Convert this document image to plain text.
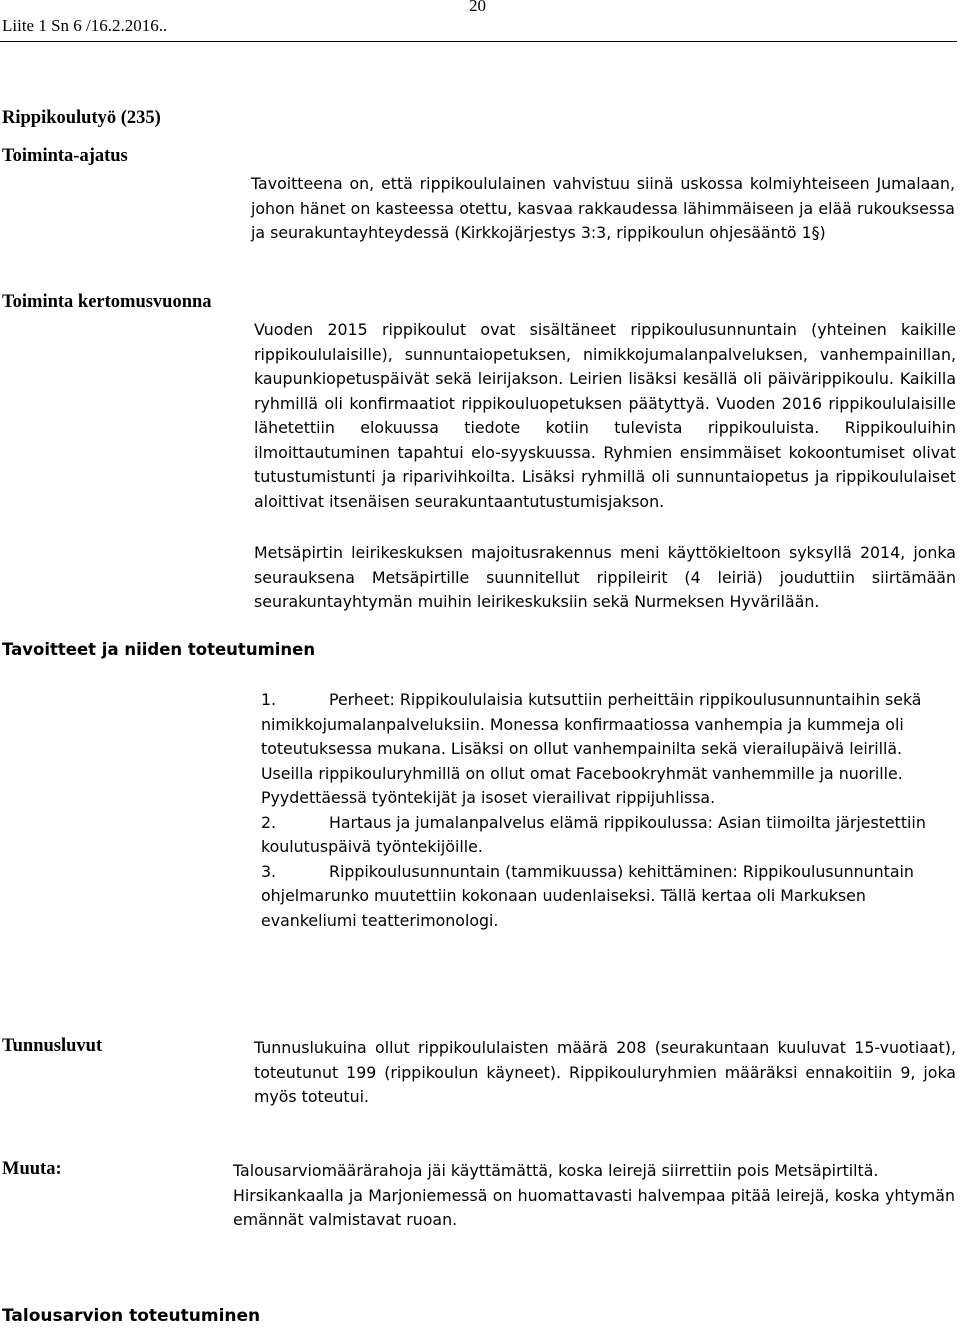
Liite 1 Sn 6 /16.2.2016..
20
Rippikoulutyö (235)
Toiminta-ajatus

Tavoitteena on, että rippikoululainen vahvistuu siinä uskossa kolmiyhteiseen Jumalaan, johon hänet on kasteessa otettu, kasvaa rakkaudessa lähimmäiseen ja elää rukouksessa ja seurakuntayhteydessä (Kirkkojärjestys 3:3, rippikoulun ohjesääntö 1§)

Toiminta kertomusvuonna

Vuoden 2015 rippikoulut ovat sisältäneet rippikoulusunnuntain (yhteinen kaikille rippikoululaisille), sunnuntaiopetuksen, nimikkojumalanpalveluksen, vanhempainillan, kaupunkiopetuspäivät sekä leirijakson. Leirien lisäksi kesällä oli päivärippikoulu. Kaikilla ryhmillä oli konfirmaatiot rippikouluopetuksen päätyttyä. Vuoden 2016 rippikoululaisille lähetettiin elokuussa tiedote kotiin tulevista rippikouluista. Rippikouluihin ilmoittautuminen tapahtui elo-syyskuussa. Ryhmien ensimmäiset kokoontumiset olivat tutustumistunti ja riparivihkoilta. Lisäksi ryhmillä oli sunnuntaiopetus ja rippikoululaiset aloittivat itsenäisen seurakuntaantutustumisjakson.

Metsäpirtin leirikeskuksen majoitusrakennus meni käyttökieltoon syksyllä 2014, jonka seurauksena Metsäpirtille suunnitellut rippileirit (4 leiriä) jouduttiin siirtämään seurakuntayhtymän muihin leirikeskuksiin sekä Nurmeksen Hyvärilään.

Tavoitteet ja niiden toteutuminen

1.	Perheet: Rippikoululaisia kutsuttiin perheittäin rippikoulusunnuntaihin sekä nimikkojumalanpalveluksiin. Monessa konfirmaatiossa vanhempia ja kummeja oli toteutuksessa mukana. Lisäksi on ollut vanhempainilta sekä vierailupäivä leirillä. Useilla rippikouluryhmillä on ollut omat Facebookryhmät vanhemmille ja nuorille. Pyydettäessä työntekijät ja isoset vierailivat rippijuhlissa.

2.	Hartaus ja jumalanpalvelus elämä rippikoulussa: Asian tiimoilta järjestettiin koulutuspäivä työntekijöille.

3.	Rippikoulusunnuntain (tammikuussa) kehittäminen: Rippikoulusunnuntain ohjelmarunko muutettiin kokonaan uudenlaiseksi. Tällä kertaa oli Markuksen evankeliumi teatterimonologi.

Tunnusluvut	Tunnuslukuina ollut rippikoululaisten määrä 208 (seurakuntaan kuuluvat 15-vuotiaat), toteutunut 199 (rippikoulun käyneet). Rippikouluryhmien määräksi ennakoitiin 9, joka myös toteutui.

Muuta:	Talousarviomäärärahoja jäi käyttämättä, koska leirejä siirrettiin pois Metsäpirtiltä.

Hirsikankaalla ja Marjoniemessä on huomattavasti halvempaa pitää leirejä, koska yhtymän emännät valmistavat ruoan.

Talousarvion toteutuminen
